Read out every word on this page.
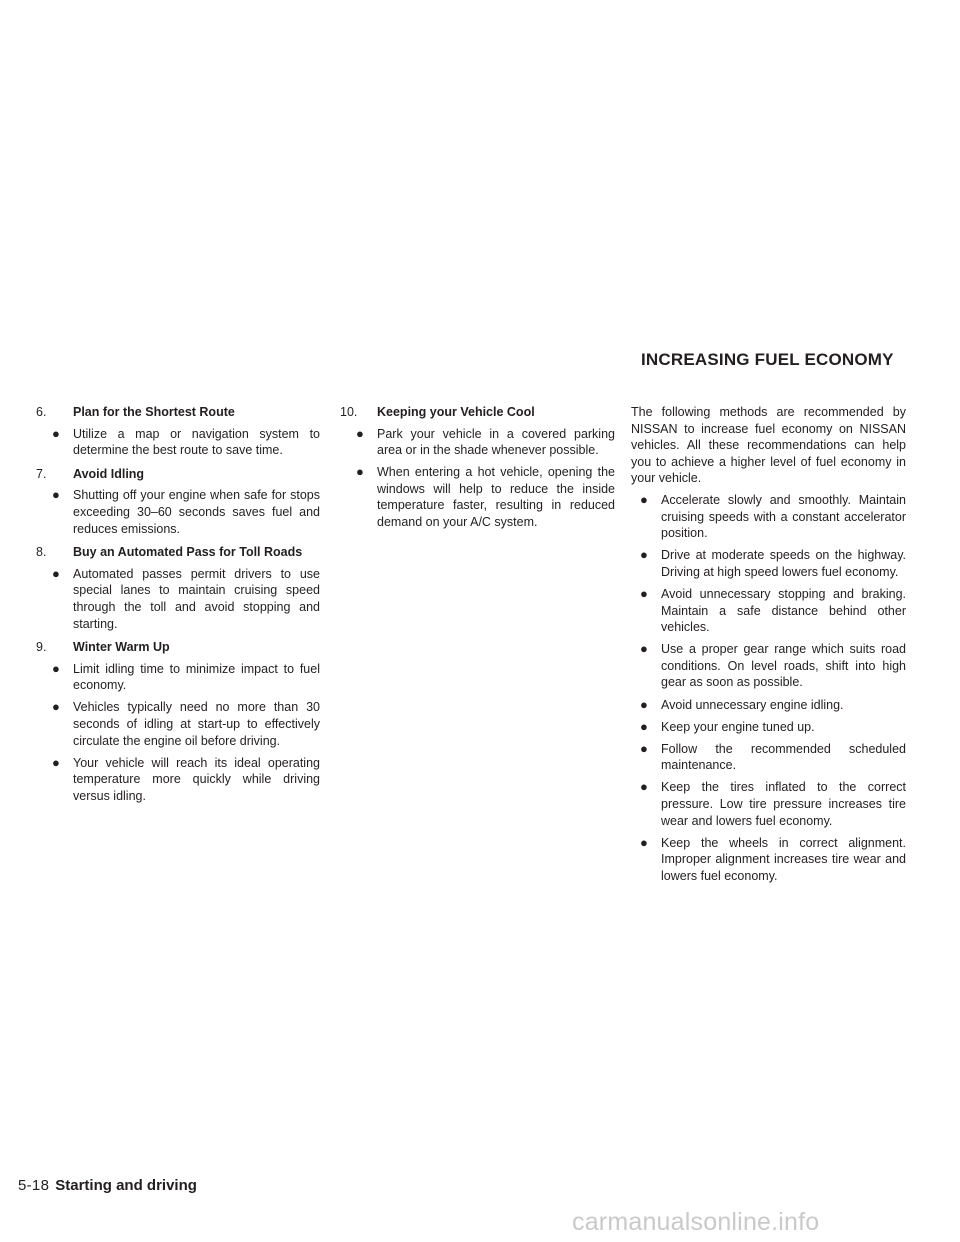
INCREASING FUEL ECONOMY
6.	Plan for the Shortest Route
●	Utilize a map or navigation system to determine the best route to save time.
7.	Avoid Idling
●	Shutting off your engine when safe for stops exceeding 30–60 seconds saves fuel and reduces emissions.
8.	Buy an Automated Pass for Toll Roads
●	Automated passes permit drivers to use special lanes to maintain cruising speed through the toll and avoid stopping and starting.
9.	Winter Warm Up
●	Limit idling time to minimize impact to fuel economy.
●	Vehicles typically need no more than 30 seconds of idling at start-up to effectively circulate the engine oil before driving.
●	Your vehicle will reach its ideal operating temperature more quickly while driving versus idling.
10.	Keeping your Vehicle Cool
●	Park your vehicle in a covered parking area or in the shade whenever possible.
●	When entering a hot vehicle, opening the windows will help to reduce the inside temperature faster, resulting in reduced demand on your A/C system.
The following methods are recommended by NISSAN to increase fuel economy on NISSAN vehicles. All these recommendations can help you to achieve a higher level of fuel economy in your vehicle.
●	Accelerate slowly and smoothly. Maintain cruising speeds with a constant accelerator position.
●	Drive at moderate speeds on the highway. Driving at high speed lowers fuel economy.
●	Avoid unnecessary stopping and braking. Maintain a safe distance behind other vehicles.
●	Use a proper gear range which suits road conditions. On level roads, shift into high gear as soon as possible.
●	Avoid unnecessary engine idling.
●	Keep your engine tuned up.
●	Follow the recommended scheduled maintenance.
●	Keep the tires inflated to the correct pressure. Low tire pressure increases tire wear and lowers fuel economy.
●	Keep the wheels in correct alignment. Improper alignment increases tire wear and lowers fuel economy.
5-18 Starting and driving
carmanualsonline.info
